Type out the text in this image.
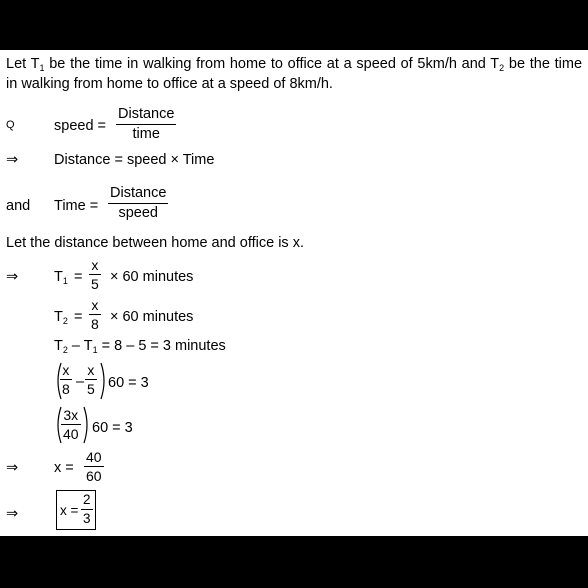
Let $T_1$ be the time in walking from home to office at a speed of 5km/h and $T_2$ be the time in walking from home to office at a speed of 8km/h.
Q	speed =
Distance
time
⇒ Distance = speed × Time
and Time =
Distance
speed
Let the distance between home and office is x.
⇒ $T_1$ =
x
5 × 60 minutes
$T_2$ =
x
8 × 60 minutes
$T_2 - T_1 = 8 - 5 = 3$ minutes
x
8 –
x
5 60 = 3
3x
40 60 = 3
⇒ x =
40
60
⇒	x =
2
3
